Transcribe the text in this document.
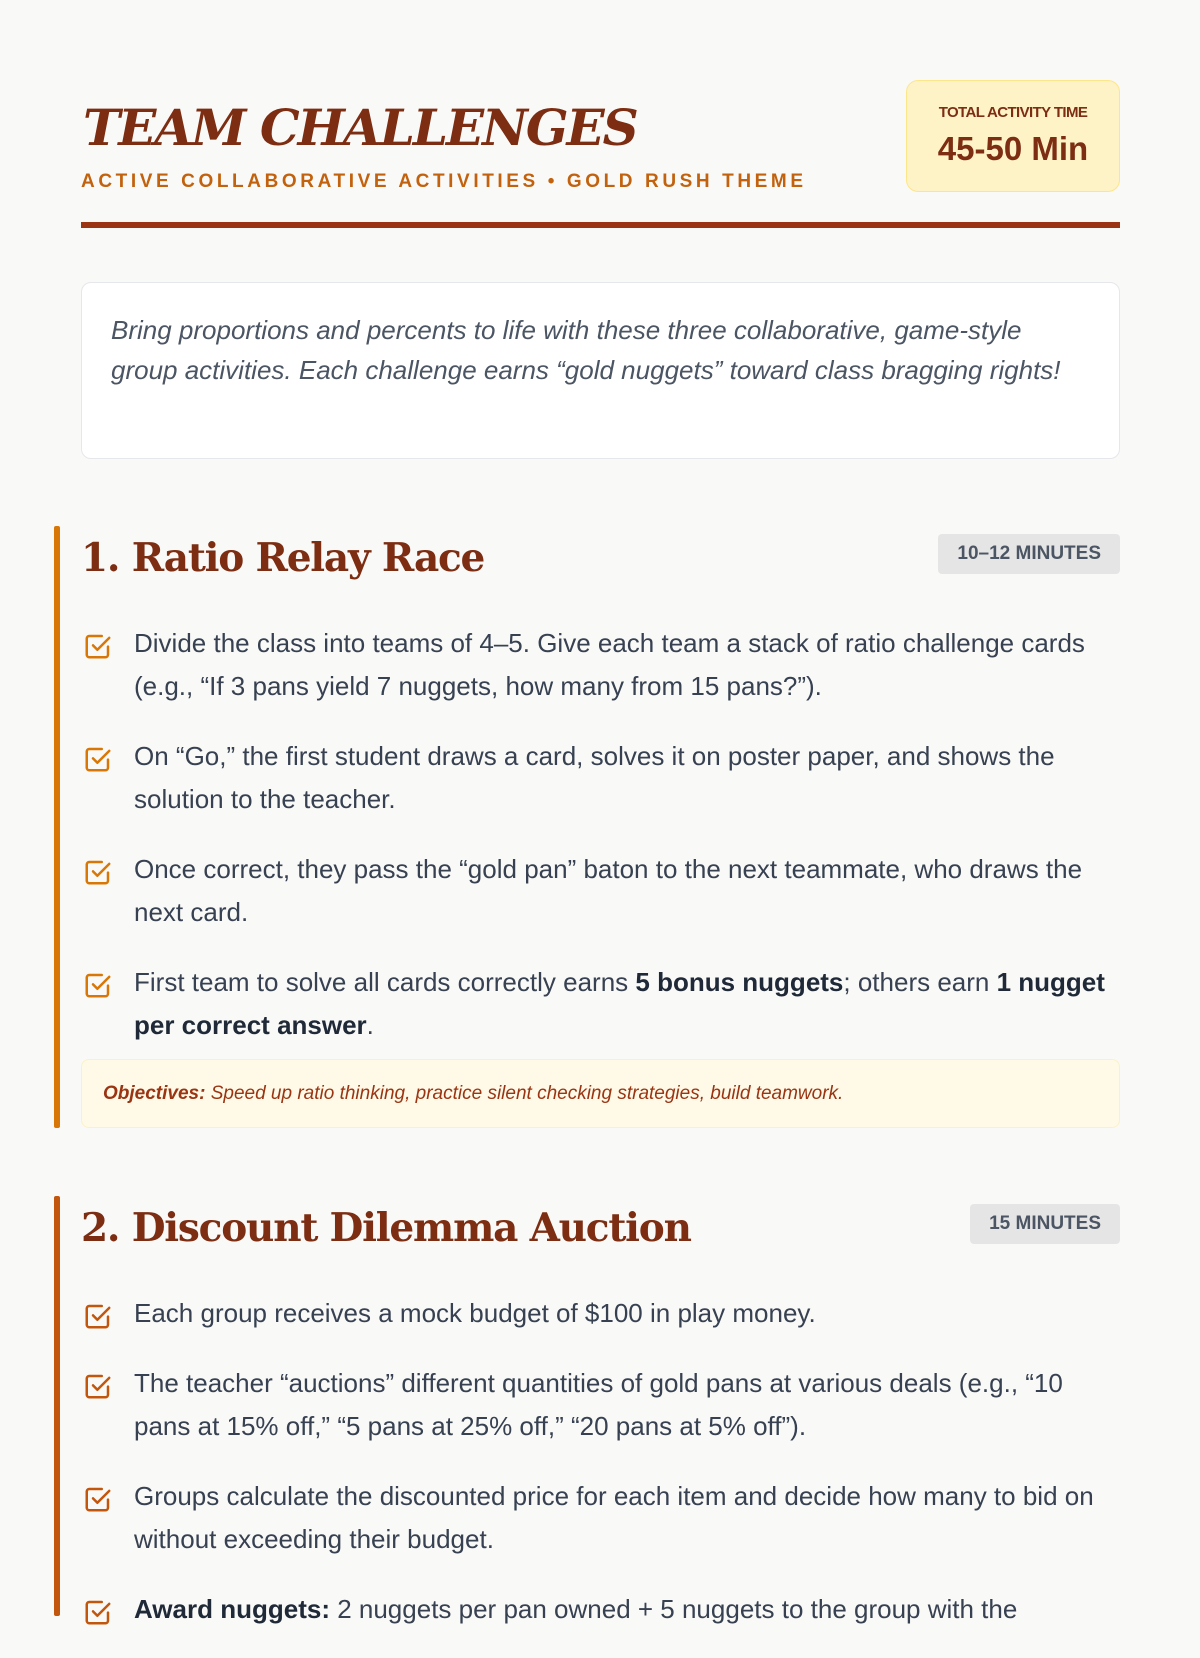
TEAM CHALLENGES
ACTIVE COLLABORATIVE ACTIVITIES • GOLD RUSH THEME
TOTAL ACTIVITY TIME
45-50 Min

Bring proportions and percents to life with these three collaborative, game-style group activities. Each challenge earns “gold nuggets” toward class bragging rights!

1. Ratio Relay Race	10–12 MINUTES
Divide the class into teams of 4–5. Give each team a stack of ratio challenge cards (e.g., “If 3 pans yield 7 nuggets, how many from 15 pans?”).
On “Go,” the first student draws a card, solves it on poster paper, and shows the solution to the teacher.
Once correct, they pass the “gold pan” baton to the next teammate, who draws the next card.
First team to solve all cards correctly earns 5 bonus nuggets; others earn 1 nugget per correct answer.
Objectives: Speed up ratio thinking, practice silent checking strategies, build teamwork.
2. Discount Dilemma Auction	15 MINUTES
Each group receives a mock budget of $100 in play money.
The teacher “auctions” different quantities of gold pans at various deals (e.g., “10 pans at 15% off,” “5 pans at 25% off,” “20 pans at 5% off”).
Groups calculate the discounted price for each item and decide how many to bid on without exceeding their budget.
Award nuggets: 2 nuggets per pan owned + 5 nuggets to the group with the
